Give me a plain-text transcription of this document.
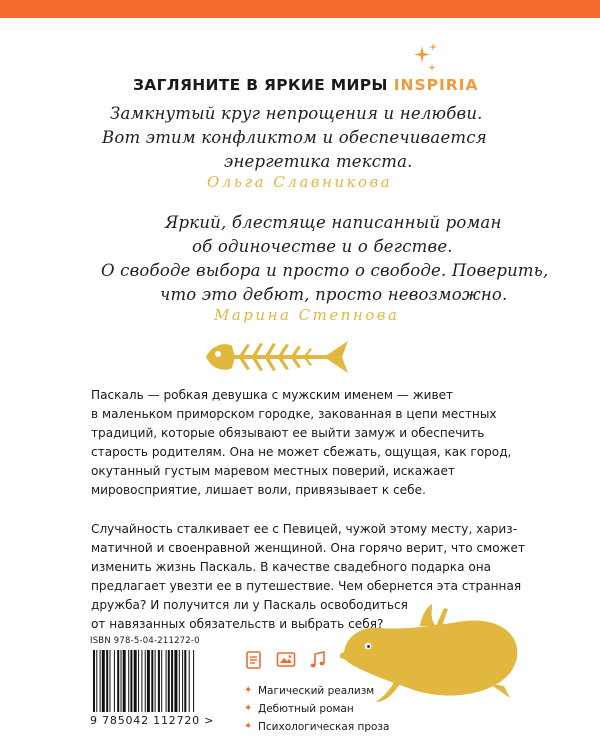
ЗАГЛЯНИТЕ В ЯРКИЕ МИРЫ INSPIRIA
Замкнутый круг непрощения и нелюбви.
Вот этим конфликтом и обеспечивается
энергетика текста.
Ольга Славникова
Яркий, блестяще написанный роман
об одиночестве и о бегстве.
О свободе выбора и просто о свободе. Поверить,
что это дебют, просто невозможно.
Марина Степнова

Паскаль — робкая девушка с мужским именем — живет

в маленьком приморском городке, закованная в цепи местных

традиций, которые обязывают ее выйти замуж и обеспечить

старость родителям. Она не может сбежать, ощущая, как город,

окутанный густым маревом местных поверий, искажает

мировосприятие, лишает воли, привязывает к себе.

Случайность сталкивает ее с Певицей, чужой этому месту, хариз-

матичной и своенравной женщиной. Она горячо верит, что сможет

изменить жизнь Паскаль. В качестве свадебного подарка она

предлагает увезти ее в путешествие. Чем обернется эта странная

дружба? И получится ли у Паскаль освободиться

от навязанных обязательств и выбрать себя?

ISBN 978-5-04-211272-0
9 785042 112720 >
✦ Магический реализм
✦ Дебютный роман
✦ Психологическая проза
